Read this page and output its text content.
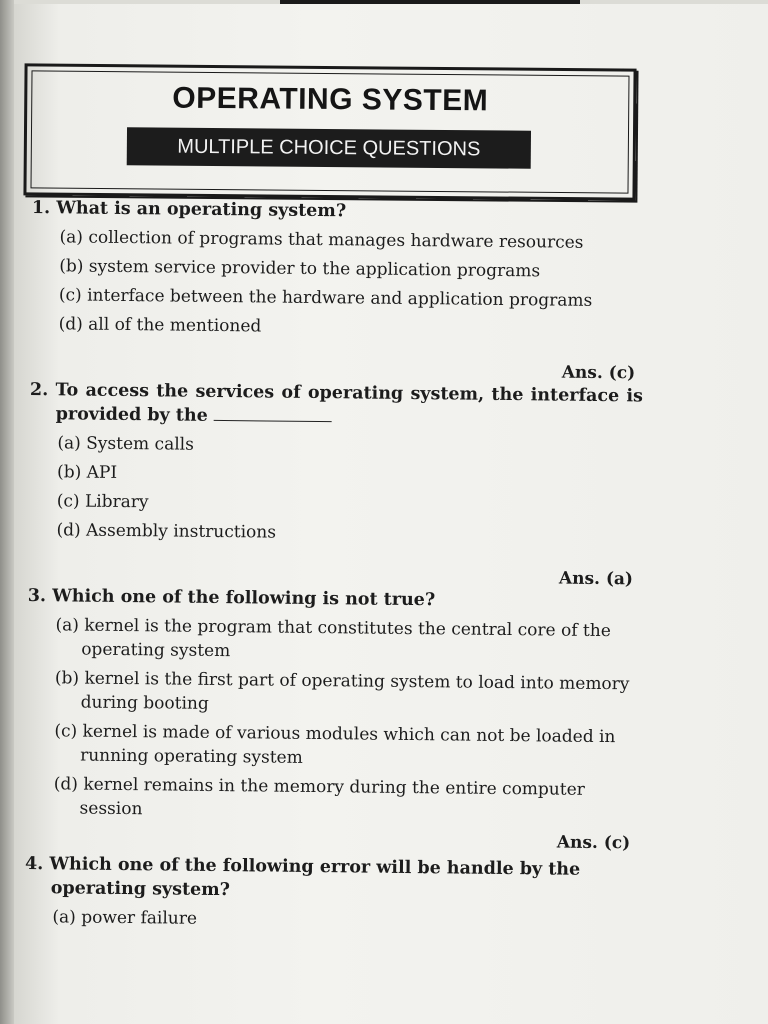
OPERATING SYSTEM
MULTIPLE CHOICE QUESTIONS
1. What is an operating system?
(a) collection of programs that manages hardware resources
(b) system service provider to the application programs
(c) interface between the hardware and application programs
(d) all of the mentioned
Ans. (c)
2. To access the services of operating system, the interface is provided by the
(a) System calls
(b) API
(c) Library
(d) Assembly instructions
Ans. (a)
3. Which one of the following is not true?
(a) kernel is the program that constitutes the central core of the operating system
(b) kernel is the first part of operating system to load into memory during booting
(c) kernel is made of various modules which can not be loaded in running operating system
(d) kernel remains in the memory during the entire computer session
Ans. (c)
4. Which one of the following error will be handle by the operating system?
(a) power failure
